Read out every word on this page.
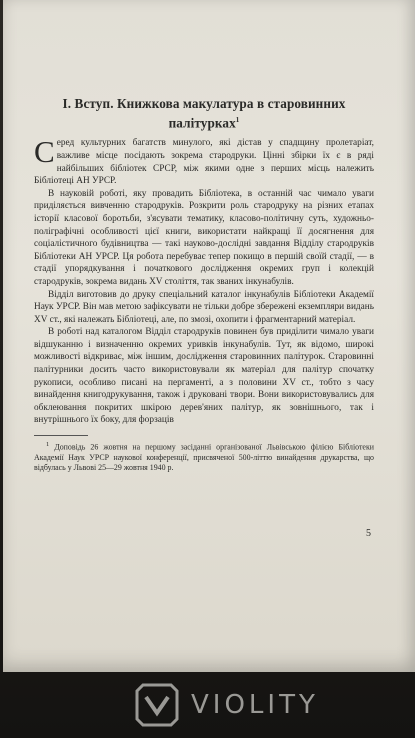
І. Вступ. Книжкова макулатура в старовинних
палітурках$^1$

Серед культурних багатств минулого, які дістав у спадщину пролетаріат, важливе місце посідають зокрема стародруки. Цінні збірки їх є в ряді найбільших бібліотек СРСР, між якими одне з перших місць належить Бібліотеці АН УРСР.

В науковій роботі, яку провадить Бібліотека, в останній час чимало уваги приділяється вивченню стародруків. Розкрити роль стародруку на різних етапах історії класової боротьби, з'ясувати тематику, класово-політичну суть, художньо-поліграфічні особливості цієї книги, використати найкращі її досягнення для соціалістичного будівництва — такі науково-дослідні завдання Відділу стародруків Бібліотеки АН УРСР. Ця робота перебуває тепер покищо в першій своїй стадії, — в стадії упорядкування і початкового дослідження окремих груп і колекцій стародруків, зокрема видань XV століття, так званих інкунабулів.

Відділ виготовив до друку спеціальний каталог інкунабулів Бібліотеки Академії Наук УРСР. Він мав метою зафіксувати не тільки добре збережені екземпляри видань XV ст., які належать Бібліотеці, але, по змозі, охопити і фрагментарний матеріал.

В роботі над каталогом Відділ стародруків повинен був приділити чимало уваги відшуканню і визначенню окремих уривків інкунабулів. Тут, як відомо, широкі можливості відкриває, між іншим, дослідження старовинних палітурок. Старовинні палітурники досить часто використовували як матеріал для палітур спочатку рукописи, особливо писані на пергаменті, а з половини XV ст., тобто з часу винайдення книгодрукування, також і друковані твори. Вони використовувались для обклеювання покритих шкірою дерев'яних палітур, як зовнішнього, так і внутрішнього їх боку, для форзаців

$^1$ Доповідь 26 жовтня на першому засіданні організованої Львівською філією Бібліотеки Академії Наук УРСР наукової конференції, присвяченої 500-літтю винайдення друкарства, що відбулась у Львові 25—29 жовтня 1940 р.

5
VIOLITY
